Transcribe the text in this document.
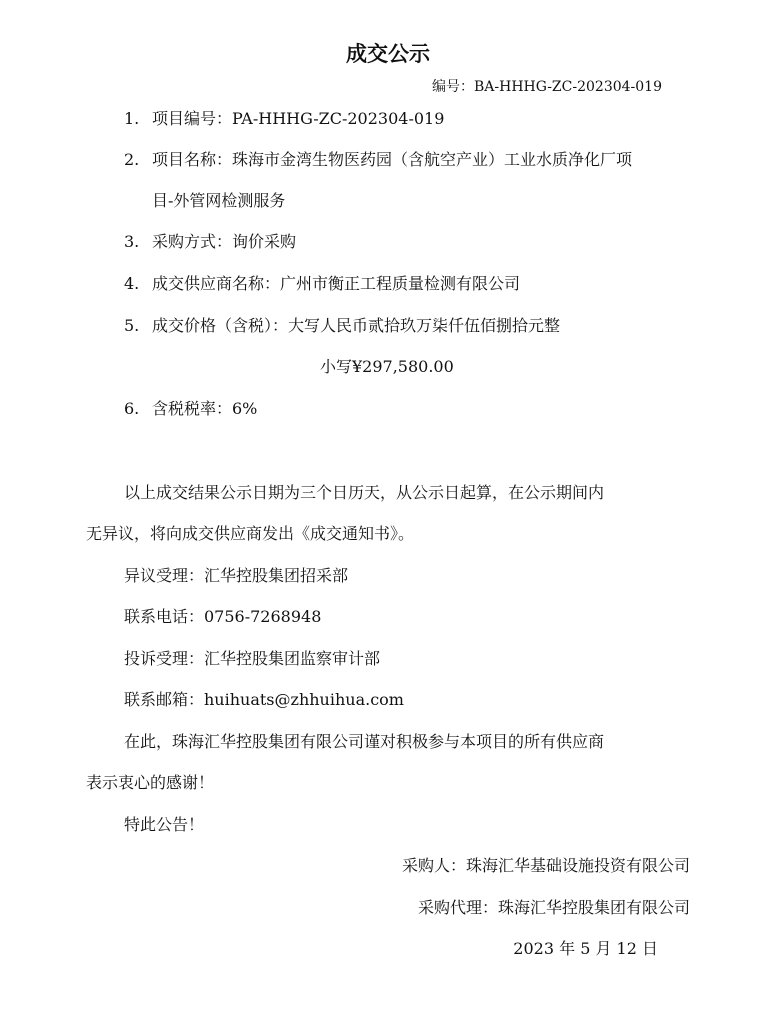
成交公示
编号：BA-HHHG-ZC-202304-019
1. 项目编号：PA-HHHG-ZC-202304-019
2. 项目名称：珠海市金湾生物医药园（含航空产业）工业水质净化厂项
目-外管网检测服务
3. 采购方式：询价采购
4. 成交供应商名称：广州市衡正工程质量检测有限公司
5. 成交价格（含税）：大写人民币贰拾玖万柒仟伍佰捌拾元整
小写¥297,580.00
6. 含税税率：6%
以上成交结果公示日期为三个日历天，从公示日起算，在公示期间内
无异议，将向成交供应商发出《成交通知书》。
异议受理：汇华控股集团招采部
联系电话：0756-7268948
投诉受理：汇华控股集团监察审计部
联系邮箱：huihuats@zhhuihua.com
在此，珠海汇华控股集团有限公司谨对积极参与本项目的所有供应商
表示衷心的感谢！
特此公告！
采购人：珠海汇华基础设施投资有限公司
采购代理：珠海汇华控股集团有限公司
2023 年 5 月 12 日
